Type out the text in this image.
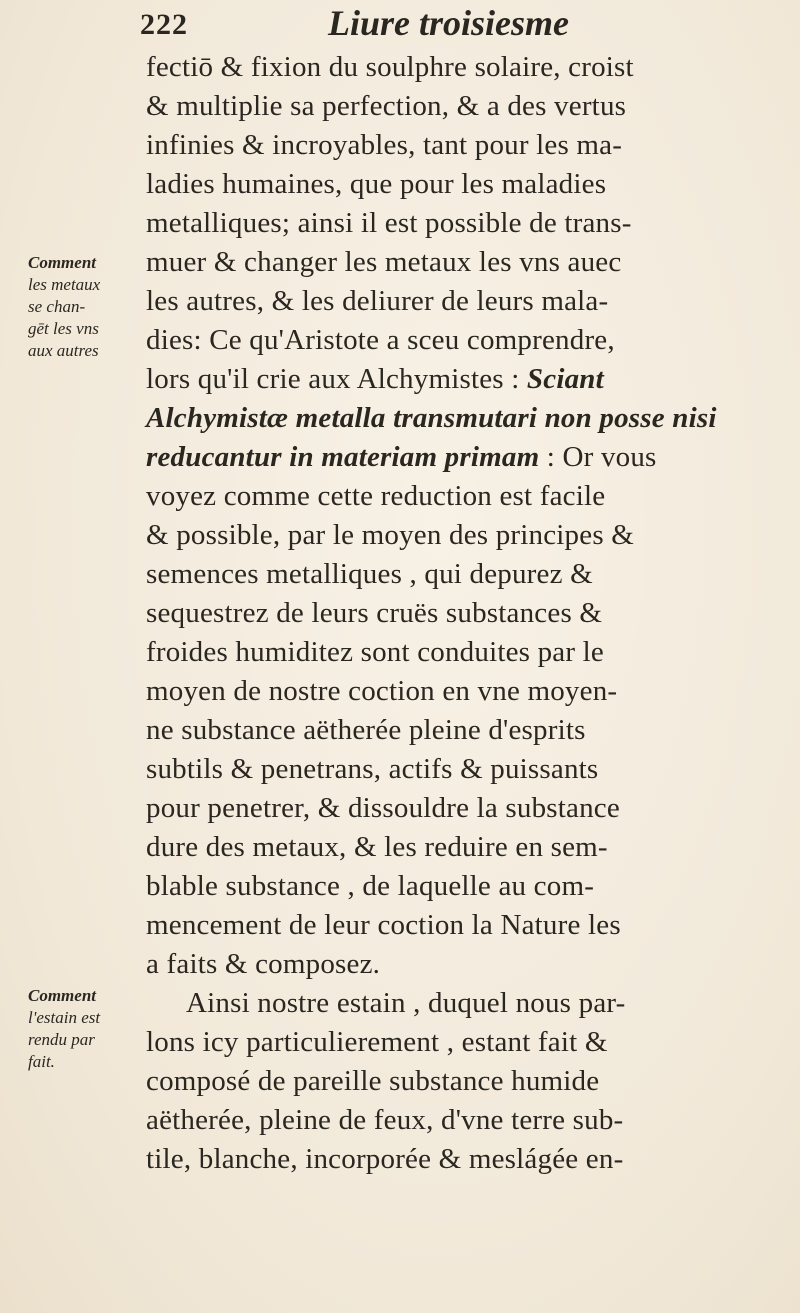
222	Liure troisiesme
Comment
les metaux
se chan-
gēt les vns
aux autres
Comment
l'estain est
rendu par
fait.
fectiō & fixion du soulphre solaire, croist
& multiplie sa perfection, & a des vertus
infinies & incroyables, tant pour les ma-
ladies humaines, que pour les maladies
metalliques; ainsi il est possible de trans-
muer & changer les metaux les vns auec
les autres, & les deliurer de leurs mala-
dies: Ce qu'Aristote a sceu comprendre,
lors qu'il crie aux Alchymistes : Sciant
Alchymistæ metalla transmutari non posse nisi
reducantur in materiam primam : Or vous
voyez comme cette reduction est facile
& possible, par le moyen des principes &
semences metalliques , qui depurez &
sequestrez de leurs cruës substances &
froides humiditez sont conduites par le
moyen de nostre coction en vne moyen-
ne substance aëtherée pleine d'esprits
subtils & penetrans, actifs & puissants
pour penetrer, & dissouldre la substance
dure des metaux, & les reduire en sem-
blable substance , de laquelle au com-
mencement de leur coction la Nature les
a faits & composez.
Ainsi nostre estain , duquel nous par-
lons icy particulierement , estant fait &
composé de pareille substance humide
aëtherée, pleine de feux, d'vne terre sub-
tile, blanche, incorporée & meslágée en-
